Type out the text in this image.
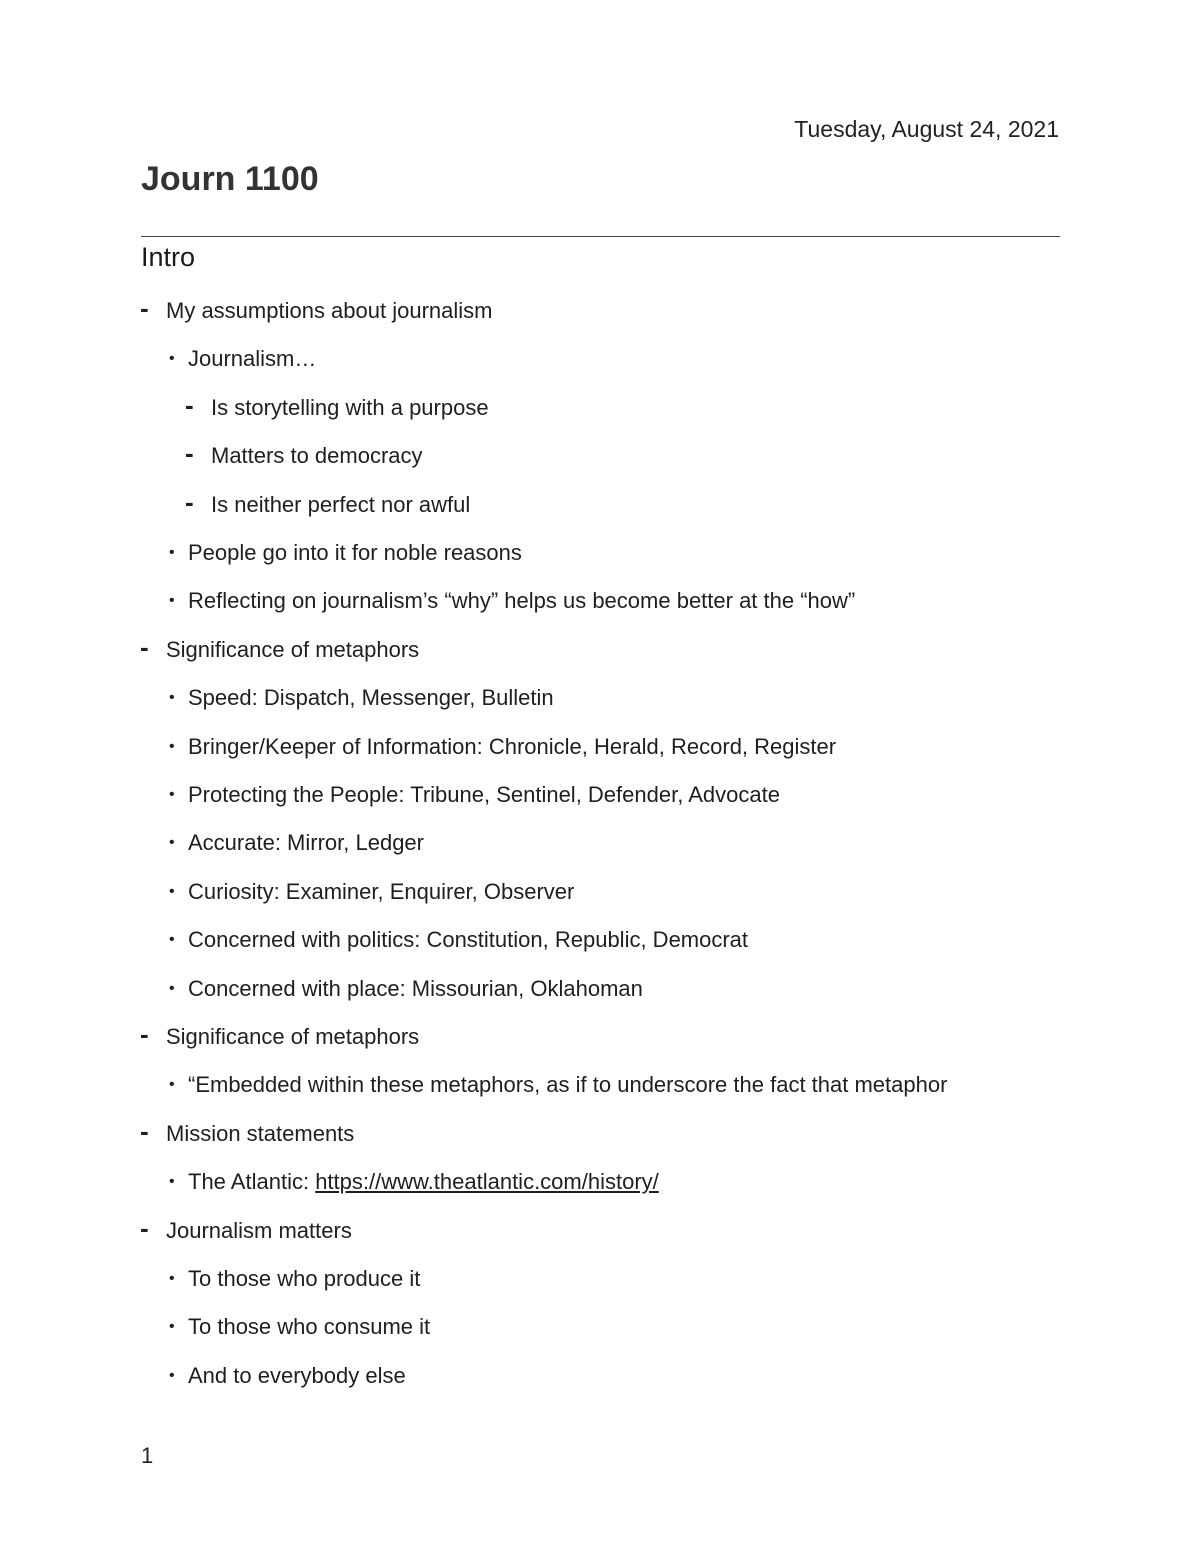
Tuesday, August 24, 2021
Journ 1100
Intro
- My assumptions about journalism
• Journalism…
- Is storytelling with a purpose
- Matters to democracy
- Is neither perfect nor awful
• People go into it for noble reasons
• Reflecting on journalism’s “why” helps us become better at the “how”
- Significance of metaphors
• Speed: Dispatch, Messenger, Bulletin
• Bringer/Keeper of Information: Chronicle, Herald, Record, Register
• Protecting the People: Tribune, Sentinel, Defender, Advocate
• Accurate: Mirror, Ledger
• Curiosity: Examiner, Enquirer, Observer
• Concerned with politics: Constitution, Republic, Democrat
• Concerned with place: Missourian, Oklahoman
- Significance of metaphors
• “Embedded within these metaphors, as if to underscore the fact that metaphor
- Mission statements
• The Atlantic: https://www.theatlantic.com/history/
- Journalism matters
• To those who produce it
• To those who consume it
• And to everybody else
1
